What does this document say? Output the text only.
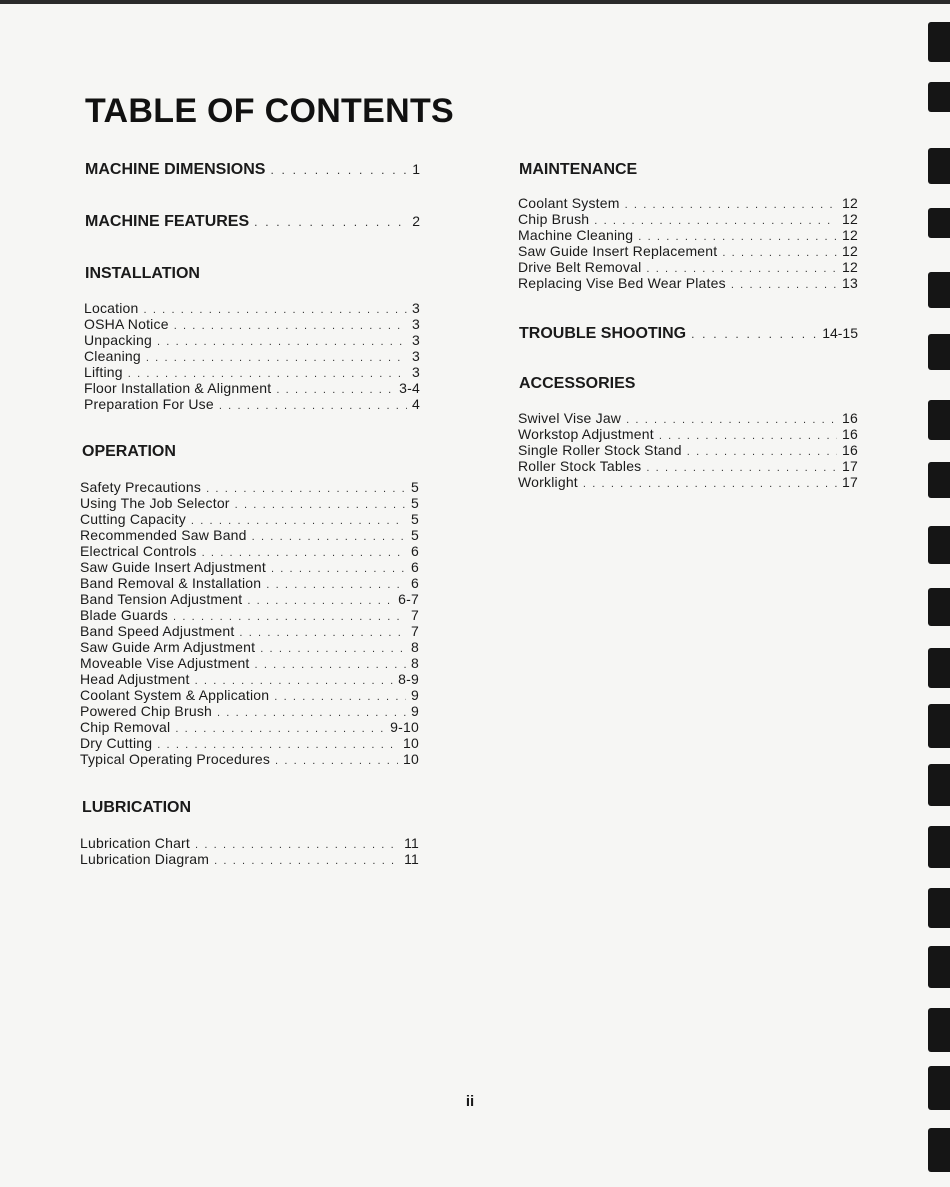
TABLE OF CONTENTS
MACHINE DIMENSIONS . . .	1
MACHINE FEATURES . . .	2
INSTALLATION
Location . . .	3
OSHA Notice . . .	3
Unpacking . . .	3
Cleaning . . .	3
Lifting . . .	3
Floor Installation & Alignment . . .	3-4
Preparation For Use . . .	4
OPERATION
Safety Precautions . . .	5
Using The Job Selector . . .	5
Cutting Capacity . . .	5
Recommended Saw Band . . .	5
Electrical Controls . . .	6
Saw Guide Insert Adjustment . . .	6
Band Removal & Installation . . .	6
Band Tension Adjustment . . .	6-7
Blade Guards . . .	7
Band Speed Adjustment . . .	7
Saw Guide Arm Adjustment . . .	8
Moveable Vise Adjustment . . .	8
Head Adjustment . . .	8-9
Coolant System & Application . . .	9
Powered Chip Brush . . .	9
Chip Removal . . .	9-10
Dry Cutting . . .	10
Typical Operating Procedures . . .	10
LUBRICATION
Lubrication Chart . . .	11
Lubrication Diagram . . .	11
MAINTENANCE
Coolant System . . .	12
Chip Brush . . .	12
Machine Cleaning . . .	12
Saw Guide Insert Replacement . . .	12
Drive Belt Removal . . .	12
Replacing Vise Bed Wear Plates . . .	13
TROUBLE SHOOTING . . .	14-15
ACCESSORIES
Swivel Vise Jaw . . .	16
Workstop Adjustment . . .	16
Single Roller Stock Stand . . .	16
Roller Stock Tables . . .	17
Worklight . . .	17
ii
